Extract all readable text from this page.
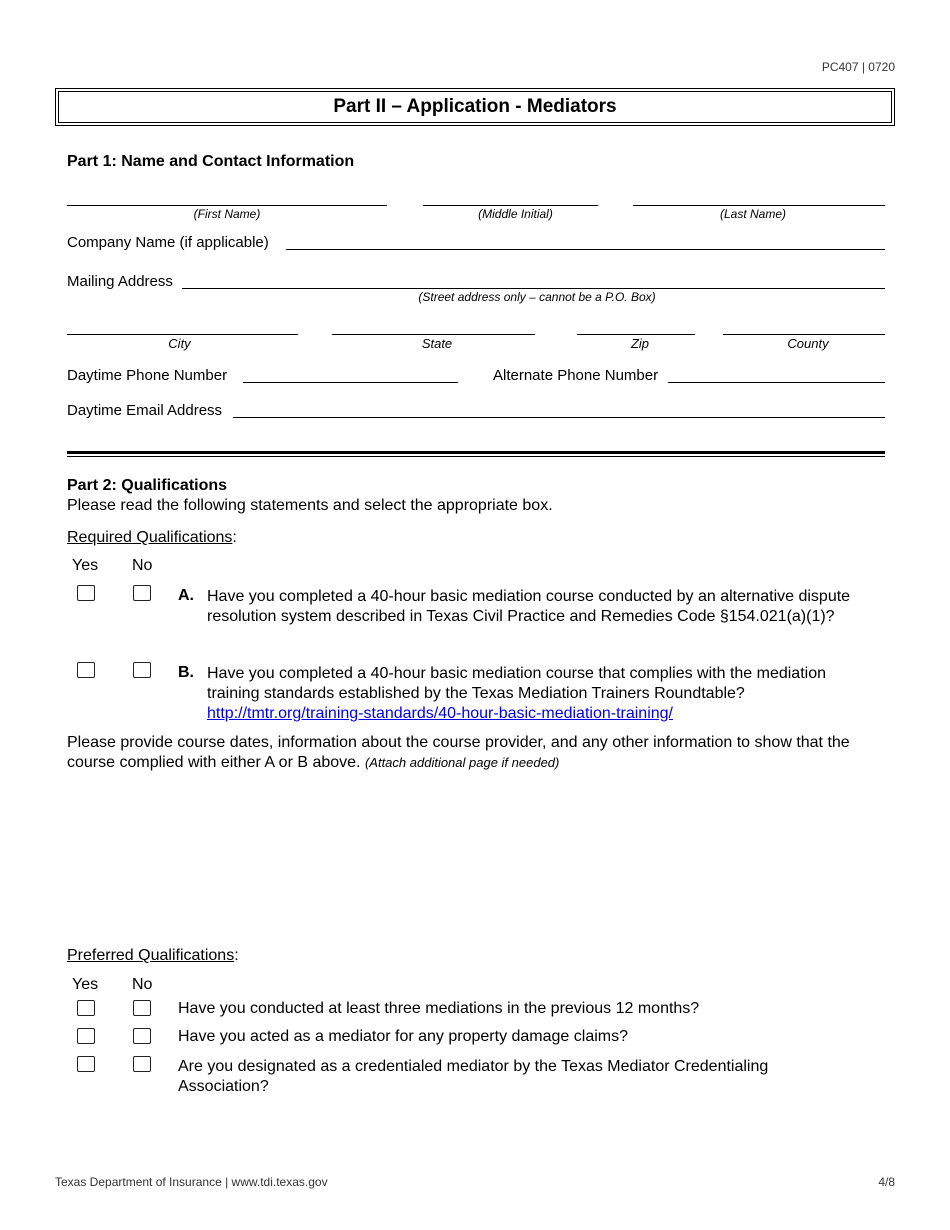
PC407 | 0720
Part II – Application - Mediators
Part 1: Name and Contact Information
(First Name)	(Middle Initial)	(Last Name)
Company Name (if applicable)
Mailing Address
(Street address only – cannot be a P.O. Box)
City	State	Zip	County
Daytime Phone Number	Alternate Phone Number
Daytime Email Address
Part 2: Qualifications
Please read the following statements and select the appropriate box.
Required Qualifications:
Yes No
A. Have you completed a 40-hour basic mediation course conducted by an alternative dispute resolution system described in Texas Civil Practice and Remedies Code §154.021(a)(1)?
B. Have you completed a 40-hour basic mediation course that complies with the mediation training standards established by the Texas Mediation Trainers Roundtable?
http://tmtr.org/training-standards/40-hour-basic-mediation-training/
Please provide course dates, information about the course provider, and any other information to show that the course complied with either A or B above. (Attach additional page if needed)
Preferred Qualifications:
Yes No
Have you conducted at least three mediations in the previous 12 months?
Have you acted as a mediator for any property damage claims?
Are you designated as a credentialed mediator by the Texas Mediator Credentialing Association?
Texas Department of Insurance | www.tdi.texas.gov	4/8
